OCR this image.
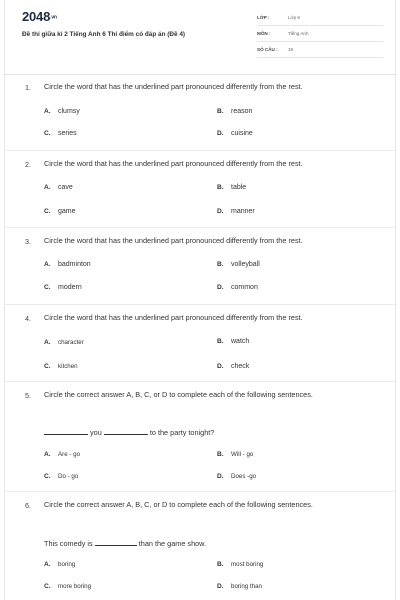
2048.vn
Đề thi giữa kì 2 Tiếng Anh 6 Thí điểm có đáp án (Đề 4)
LỚP :	Lớp 6
MÔN :	Tiếng Anh
SỐ CÂU : 19
1. Circle the word that has the underlined part pronounced differently from the rest.
A. clumsy	B. reason
C. series	D. cuisine
2. Circle the word that has the underlined part pronounced differently from the rest.
A. cave	B. table
C. game	D. manner
3. Circle the word that has the underlined part pronounced differently from the rest.
A. badminton	B. volleyball
C. modern	D. common
4. Circle the word that has the underlined part pronounced differently from the rest.
A. character	B. watch
C. kitchen	D. check
5. Circle the correct answer A, B, C, or D to complete each of the following sentences.
you	to the party tonight?
A. Are - go	B. Will - go
C. Do - go	D. Does -go
6. Circle the correct answer A, B, C, or D to complete each of the following sentences.
This comedy is	than the game show.
A. boring	B. most boring
C. more boring	D. boring than
